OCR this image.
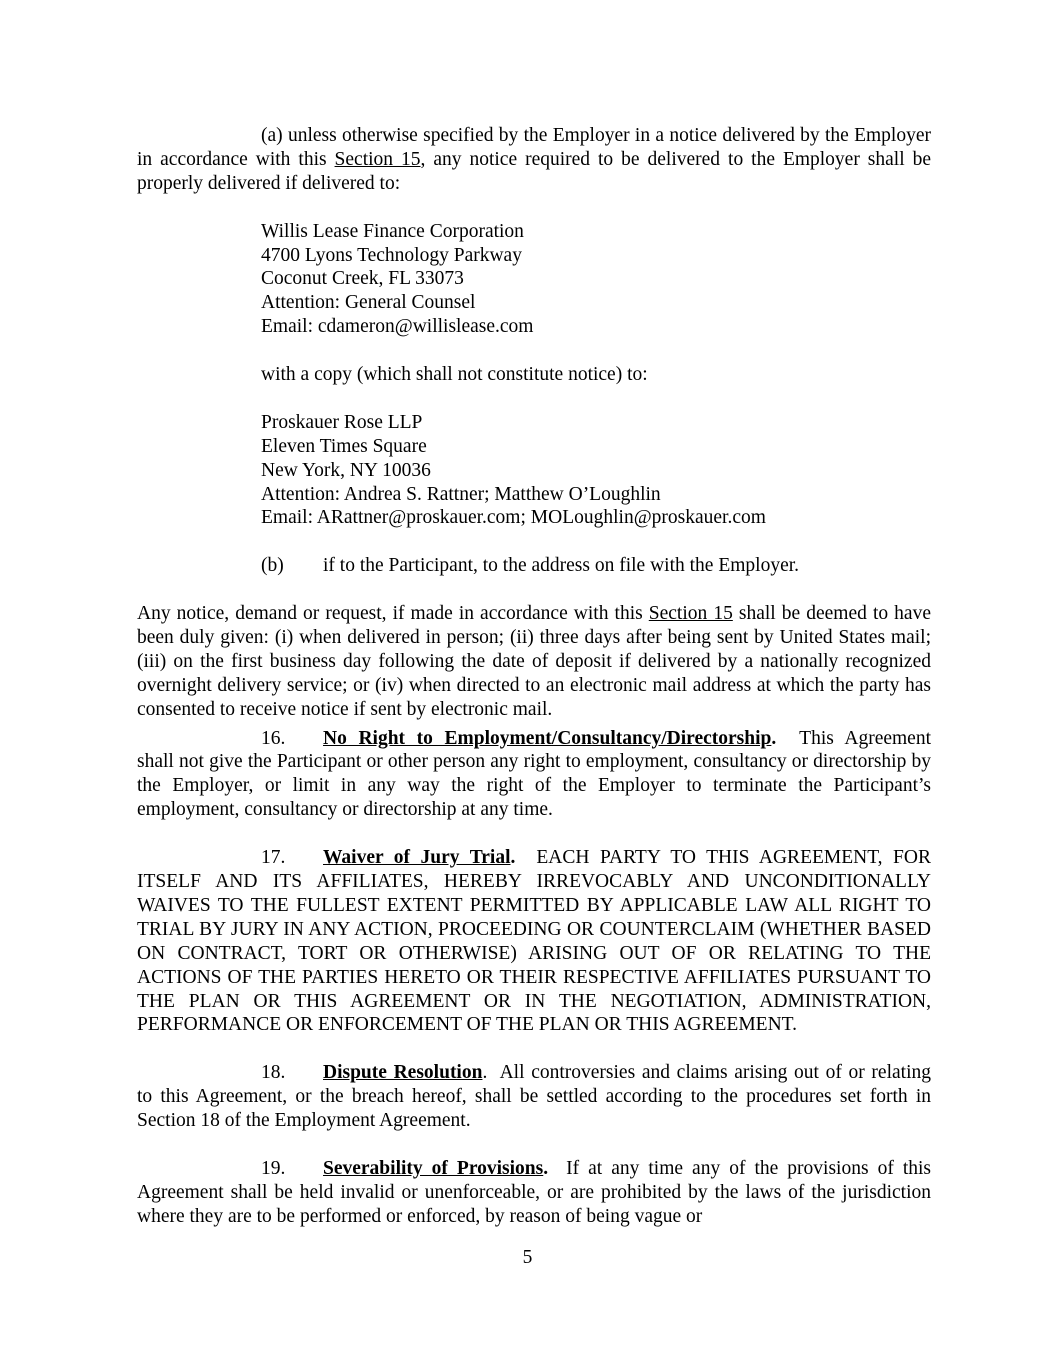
(a) unless otherwise specified by the Employer in a notice delivered by the Employer in accordance with this Section 15, any notice required to be delivered to the Employer shall be properly delivered if delivered to:

Willis Lease Finance Corporation
4700 Lyons Technology Parkway
Coconut Creek, FL 33073
Attention: General Counsel
Email: cdameron@willislease.com
with a copy (which shall not constitute notice) to:
Proskauer Rose LLP
Eleven Times Square
New York, NY 10036
Attention: Andrea S. Rattner; Matthew O’Loughlin
Email: ARattner@proskauer.com; MOLoughlin@proskauer.com
(b) if to the Participant, to the address on file with the Employer.

Any notice, demand or request, if made in accordance with this Section 15 shall be deemed to have been duly given: (i) when delivered in person; (ii) three days after being sent by United States mail; (iii) on the first business day following the date of deposit if delivered by a nationally recognized overnight delivery service; or (iv) when directed to an electronic mail address at which the party has consented to receive notice if sent by electronic mail.

16. No Right to Employment/Consultancy/Directorship.  This Agreement shall not give the Participant or other person any right to employment, consultancy or directorship by the Employer, or limit in any way the right of the Employer to terminate the Participant’s employment, consultancy or directorship at any time.

17. Waiver of Jury Trial.  EACH PARTY TO THIS AGREEMENT, FOR ITSELF AND ITS AFFILIATES, HEREBY IRREVOCABLY AND UNCONDITIONALLY WAIVES TO THE FULLEST EXTENT PERMITTED BY APPLICABLE LAW ALL RIGHT TO TRIAL BY JURY IN ANY ACTION, PROCEEDING OR COUNTERCLAIM (WHETHER BASED ON CONTRACT, TORT OR OTHERWISE) ARISING OUT OF OR RELATING TO THE ACTIONS OF THE PARTIES HERETO OR THEIR RESPECTIVE AFFILIATES PURSUANT TO THE PLAN OR THIS AGREEMENT OR IN THE NEGOTIATION, ADMINISTRATION, PERFORMANCE OR ENFORCEMENT OF THE PLAN OR THIS AGREEMENT.

18. Dispute Resolution.  All controversies and claims arising out of or relating to this Agreement, or the breach hereof, shall be settled according to the procedures set forth in Section 18 of the Employment Agreement.

19. Severability of Provisions.  If at any time any of the provisions of this Agreement shall be held invalid or unenforceable, or are prohibited by the laws of the jurisdiction where they are to be performed or enforced, by reason of being vague or

5
